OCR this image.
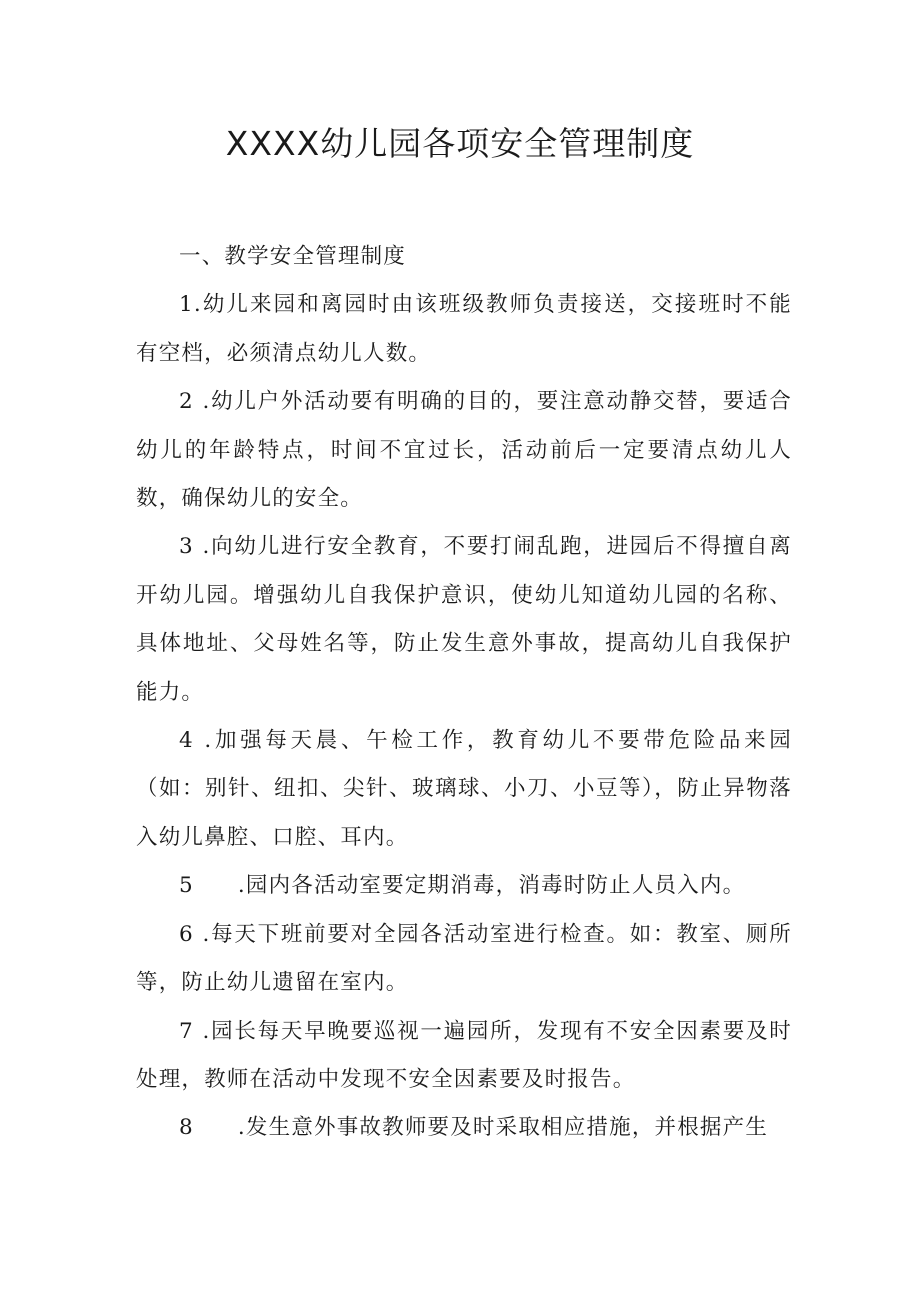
XXXX幼儿园各项安全管理制度

一、教学安全管理制度

1.幼儿来园和离园时由该班级教师负责接送，交接班时不能有空档，必须清点幼儿人数。

2 .幼儿户外活动要有明确的目的，要注意动静交替，要适合幼儿的年龄特点，时间不宜过长，活动前后一定要清点幼儿人数，确保幼儿的安全。

3 .向幼儿进行安全教育，不要打闹乱跑，进园后不得擅自离开幼儿园。增强幼儿自我保护意识，使幼儿知道幼儿园的名称、具体地址、父母姓名等，防止发生意外事故，提高幼儿自我保护能力。

4 .加强每天晨、午检工作，教育幼儿不要带危险品来园（如：别针、纽扣、尖针、玻璃球、小刀、小豆等），防止异物落入幼儿鼻腔、口腔、耳内。

5 .园内各活动室要定期消毒，消毒时防止人员入内。

6 .每天下班前要对全园各活动室进行检查。如：教室、厕所等，防止幼儿遗留在室内。

7 .园长每天早晚要巡视一遍园所，发现有不安全因素要及时处理，教师在活动中发现不安全因素要及时报告。

8 .发生意外事故教师要及时采取相应措施，并根据产生
